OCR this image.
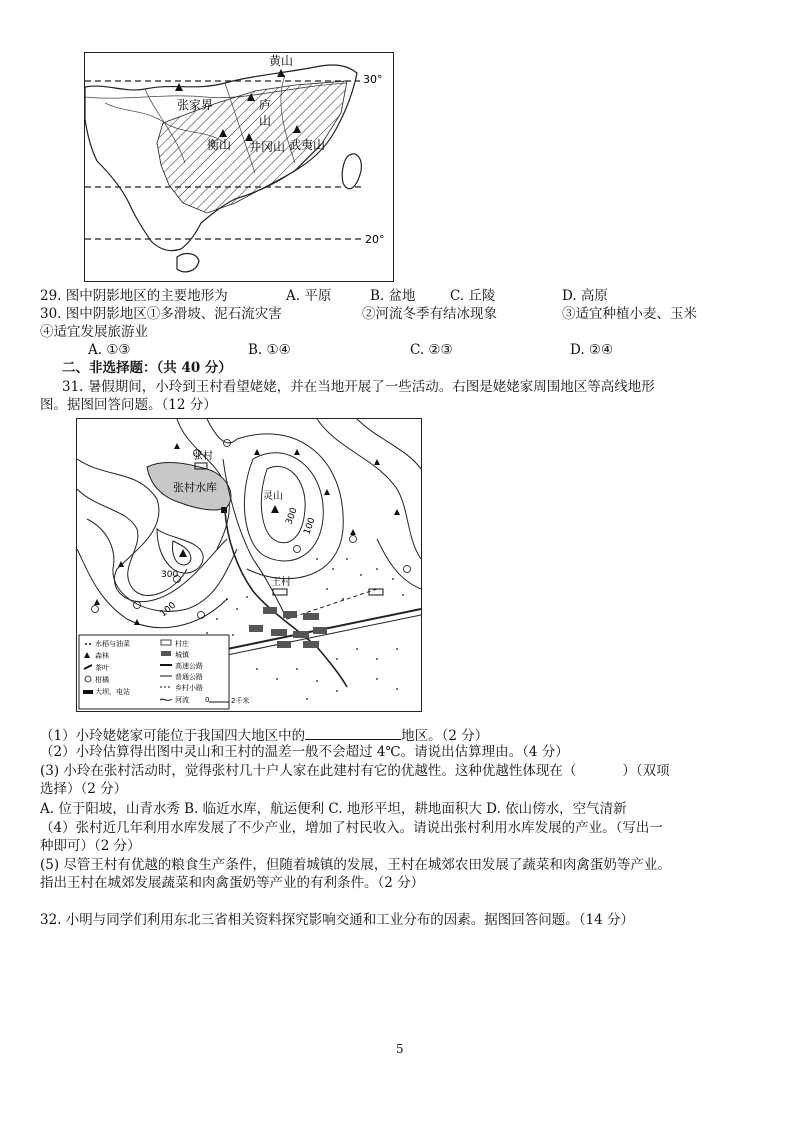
黄山
张家界	庐
山
衡山 井冈山 武夷山
30°
20°
29. 图中阴影地区的主要地形为	A. 平原	B. 盆地	C. 丘陵	D. 高原
30. 图中阴影地区①多滑坡、泥石流灾害	②河流冬季有结冰现象	③适宜种植小麦、玉米
④适宜发展旅游业
A. ①③	B. ①④	C. ②③	D. ②④
二、非选择题：（共 40 分）
31. 暑假期间，小玲到王村看望姥姥，并在当地开展了一些活动。右图是姥姥家周围地区等高线地形
图。据图回答问题。（12 分）
张村
张村水库
灵山
王村
300
100
300
100
水稻与油菜
森林
茶叶
柑橘
大坝、电站
村庄
城镇
高速公路
普通公路
乡村小路
河流 0	2千米
（1）小玲姥姥家可能位于我国四大地区中的	地区。（2 分）
（2）小玲估算得出图中灵山和王村的温差一般不会超过 4℃。请说出估算理由。（4 分）
(3) 小玲在张村活动时，觉得张村几十户人家在此建村有它的优越性。这种优越性体现在（	）（双项
选择）（2 分）
A. 位于阳坡，山青水秀 B. 临近水库，航运便利 C. 地形平坦，耕地面积大 D. 依山傍水，空气清新
（4）张村近几年利用水库发展了不少产业，增加了村民收入。请说出张村利用水库发展的产业。（写出一
种即可）（2 分）
(5) 尽管王村有优越的粮食生产条件，但随着城镇的发展，王村在城郊农田发展了蔬菜和肉禽蛋奶等产业。
指出王村在城郊发展蔬菜和肉禽蛋奶等产业的有利条件。（2 分）
32. 小明与同学们利用东北三省相关资料探究影响交通和工业分布的因素。据图回答问题。（14 分）
5
